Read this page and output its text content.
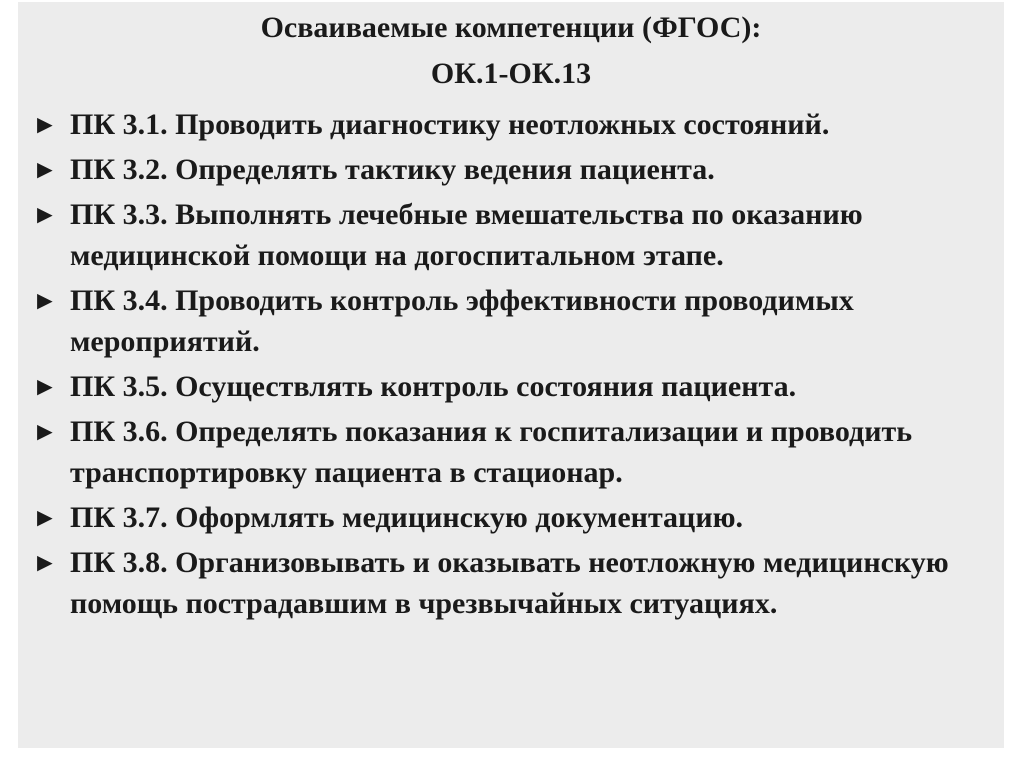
Осваиваемые компетенции (ФГОС):
ОК.1-ОК.13
► ПК 3.1. Проводить диагностику неотложных состояний.
► ПК 3.2. Определять тактику ведения пациента.
► ПК 3.3. Выполнять лечебные вмешательства по оказанию медицинской помощи на догоспитальном этапе.
► ПК 3.4. Проводить контроль эффективности проводимых мероприятий.
► ПК 3.5. Осуществлять контроль состояния пациента.
► ПК 3.6. Определять показания к госпитализации и проводить транспортировку пациента в стационар.
► ПК 3.7. Оформлять медицинскую документацию.
► ПК 3.8. Организовывать и оказывать неотложную медицинскую помощь пострадавшим в чрезвычайных ситуациях.
